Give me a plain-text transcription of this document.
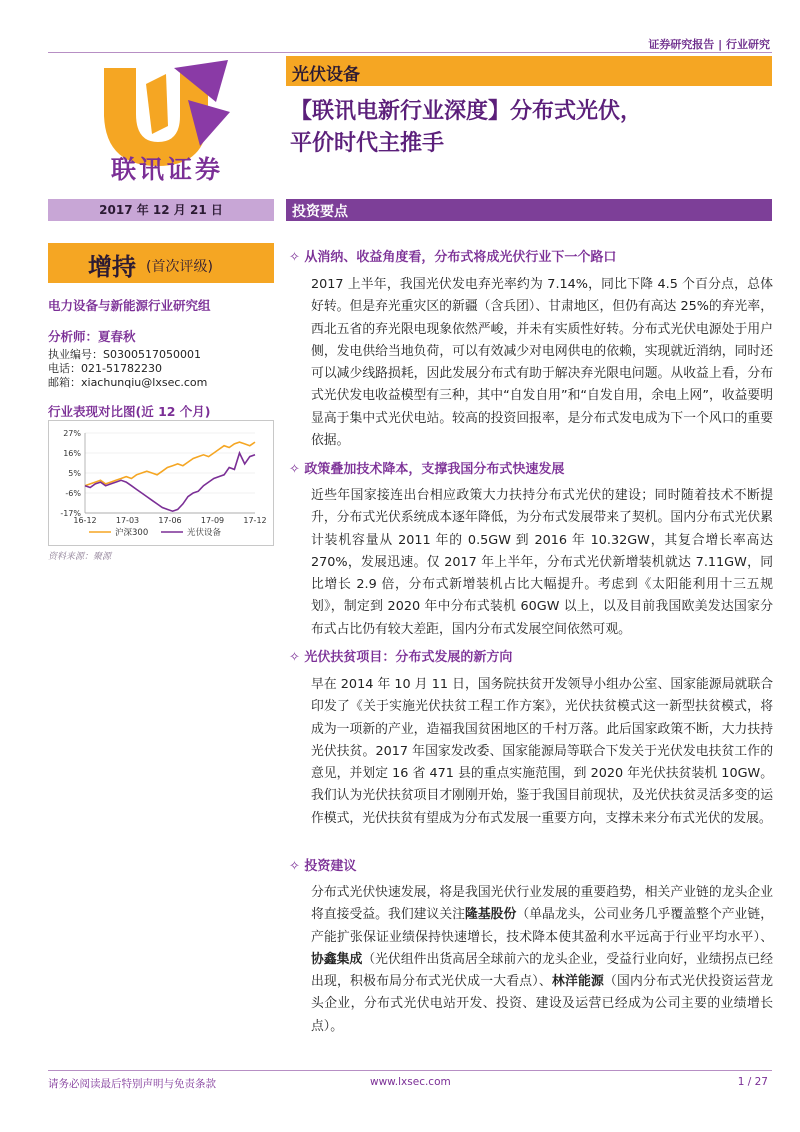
证券研究报告 | 行业研究
联讯证券
光伏设备
【联讯电新行业深度】分布式光伏，
平价时代主推手
2017 年 12 月 21 日	投资要点
增持 (首次评级)
电力设备与新能源行业研究组
分析师：夏春秋
执业编号：S0300517050001
电话：021-51782230
邮箱：xiachunqiu@lxsec.com
行业表现对比图(近 12 个月)
27%
16%
5%
-6%
-17%
16-12 17-03 17-06 17-09 17-12
沪深300	光伏设备
资料来源：聚源
✧ 从消纳、收益角度看，分布式将成光伏行业下一个路口
2017 上半年，我国光伏发电弃光率约为 7.14%，同比下降 4.5 个百分点，总体好转。但是弃光重灾区的新疆（含兵团）、甘肃地区，但仍有高达 25%的弃光率，西北五省的弃光限电现象依然严峻，并未有实质性好转。分布式光伏电源处于用户侧，发电供给当地负荷，可以有效减少对电网供电的依赖，实现就近消纳，同时还可以减少线路损耗，因此发展分布式有助于解决弃光限电问题。从收益上看，分布式光伏发电收益模型有三种，其中“自发自用”和“自发自用，余电上网”，收益要明显高于集中式光伏电站。较高的投资回报率，是分布式发电成为下一个风口的重要依据。
✧ 政策叠加技术降本，支撑我国分布式快速发展
近些年国家接连出台相应政策大力扶持分布式光伏的建设；同时随着技术不断提升，分布式光伏系统成本逐年降低，为分布式发展带来了契机。国内分布式光伏累计装机容量从 2011 年的 0.5GW 到 2016 年 10.32GW，其复合增长率高达 270%，发展迅速。仅 2017 年上半年，分布式光伏新增装机就达 7.11GW，同比增长 2.9 倍，分布式新增装机占比大幅提升。考虑到《太阳能利用十三五规划》，制定到 2020 年中分布式装机 60GW 以上，以及目前我国欧美发达国家分布式占比仍有较大差距，国内分布式发展空间依然可观。
✧ 光伏扶贫项目：分布式发展的新方向
早在 2014 年 10 月 11 日，国务院扶贫开发领导小组办公室、国家能源局就联合印发了《关于实施光伏扶贫工程工作方案》，光伏扶贫模式这一新型扶贫模式，将成为一项新的产业，造福我国贫困地区的千村万落。此后国家政策不断，大力扶持光伏扶贫。2017 年国家发改委、国家能源局等联合下发关于光伏发电扶贫工作的意见，并划定 16 省 471 县的重点实施范围，到 2020 年光伏扶贫装机 10GW。我们认为光伏扶贫项目才刚刚开始，鉴于我国目前现状，及光伏扶贫灵活多变的运作模式，光伏扶贫有望成为分布式发展一重要方向，支撑未来分布式光伏的发展。
✧ 投资建议
分布式光伏快速发展，将是我国光伏行业发展的重要趋势，相关产业链的龙头企业将直接受益。我们建议关注隆基股份（单晶龙头，公司业务几乎覆盖整个产业链，产能扩张保证业绩保持快速增长，技术降本使其盈利水平远高于行业平均水平）、协鑫集成（光伏组件出货高居全球前六的龙头企业，受益行业向好，业绩拐点已经出现，积极布局分布式光伏成一大看点）、林洋能源（国内分布式光伏投资运营龙头企业，分布式光伏电站开发、投资、建设及运营已经成为公司主要的业绩增长点）。
请务必阅读最后特别声明与免责条款	www.lxsec.com	1 / 27
